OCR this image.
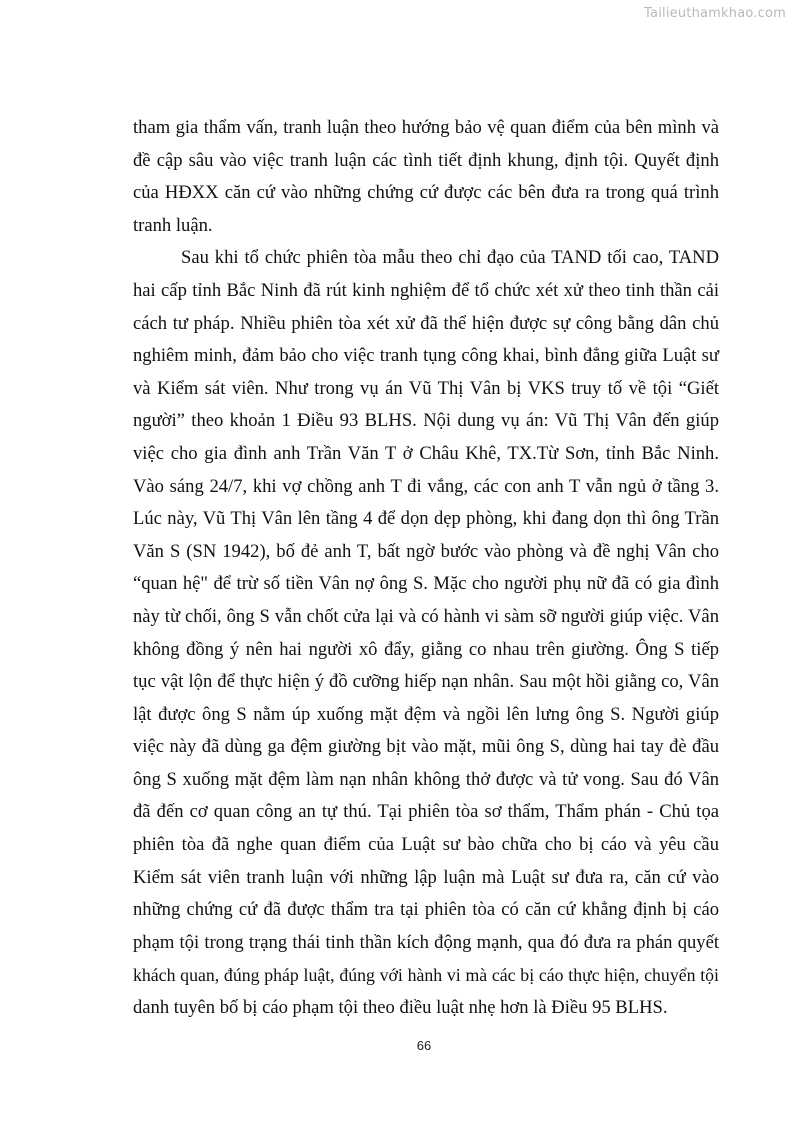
Tailieuthamkhao.com

tham gia thẩm vấn, tranh luận theo hướng bảo vệ quan điểm của bên mình và
đề cập sâu vào việc tranh luận các tình tiết định khung, định tội. Quyết định
của HĐXX căn cứ vào những chứng cứ được các bên đưa ra trong quá trình
tranh luận.

Sau khi tổ chức phiên tòa mẫu theo chỉ đạo của TAND tối cao, TAND
hai cấp tỉnh Bắc Ninh đã rút kinh nghiệm để tổ chức xét xử theo tinh thần cải
cách tư pháp. Nhiều phiên tòa xét xử đã thể hiện được sự công bằng dân chủ
nghiêm minh, đảm bảo cho việc tranh tụng công khai, bình đẳng giữa Luật sư
và Kiểm sát viên. Như trong vụ án Vũ Thị Vân bị VKS truy tố về tội “Giết
người” theo khoản 1 Điều 93 BLHS. Nội dung vụ án: Vũ Thị Vân đến giúp
việc cho gia đình anh Trần Văn T ở Châu Khê, TX.Từ Sơn, tỉnh Bắc Ninh.
Vào sáng 24/7, khi vợ chồng anh T đi vắng, các con anh T vẫn ngủ ở tầng 3.
Lúc này, Vũ Thị Vân lên tầng 4 để dọn dẹp phòng, khi đang dọn thì ông Trần
Văn S (SN 1942), bố đẻ anh T, bất ngờ bước vào phòng và đề nghị Vân cho
“quan hệ" để trừ số tiền Vân nợ ông S. Mặc cho người phụ nữ đã có gia đình
này từ chối, ông S vẫn chốt cửa lại và có hành vi sàm sỡ người giúp việc. Vân
không đồng ý nên hai người xô đẩy, giằng co nhau trên giường. Ông S tiếp
tục vật lộn để thực hiện ý đồ cưỡng hiếp nạn nhân. Sau một hồi giằng co, Vân
lật được ông S nằm úp xuống mặt đệm và ngồi lên lưng ông S. Người giúp
việc này đã dùng ga đệm giường bịt vào mặt, mũi ông S, dùng hai tay đè đầu
ông S xuống mặt đệm làm nạn nhân không thở được và tử vong. Sau đó Vân
đã đến cơ quan công an tự thú. Tại phiên tòa sơ thẩm, Thẩm phán - Chủ tọa
phiên tòa đã nghe quan điểm của Luật sư bào chữa cho bị cáo và yêu cầu
Kiểm sát viên tranh luận với những lập luận mà Luật sư đưa ra, căn cứ vào
những chứng cứ đã được thẩm tra tại phiên tòa có căn cứ khẳng định bị cáo
phạm tội trong trạng thái tinh thần kích động mạnh, qua đó đưa ra phán quyết
khách quan, đúng pháp luật, đúng với hành vi mà các bị cáo thực hiện, chuyển tội
danh tuyên bố bị cáo phạm tội theo điều luật nhẹ hơn là Điều 95 BLHS.

66
